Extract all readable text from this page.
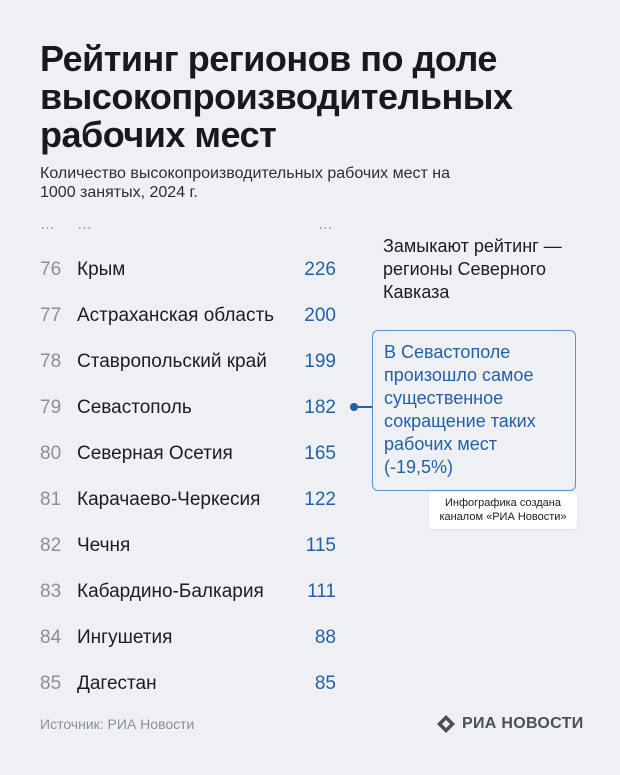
Рейтинг регионов по доле высокопроизводительных рабочих мест
Количество высокопроизводительных рабочих мест на 1000 занятых, 2024 г.
… …	…
76 Крым	226
77 Астраханская область 200
78 Ставропольский край 199
79 Севастополь	182
80 Северная Осетия	165
81 Карачаево-Черкесия 122
82 Чечня	115
83 Кабардино-Балкария 111
84 Ингушетия	88
85 Дагестан	85
Замыкают рейтинг — регионы Северного Кавказа
В Севастополе произошло самое существенное сокращение таких рабочих мест (-19,5%)
Инфографика создана каналом «РИА Новости»
Источник: РИА Новости	РИА НОВОСТИ
